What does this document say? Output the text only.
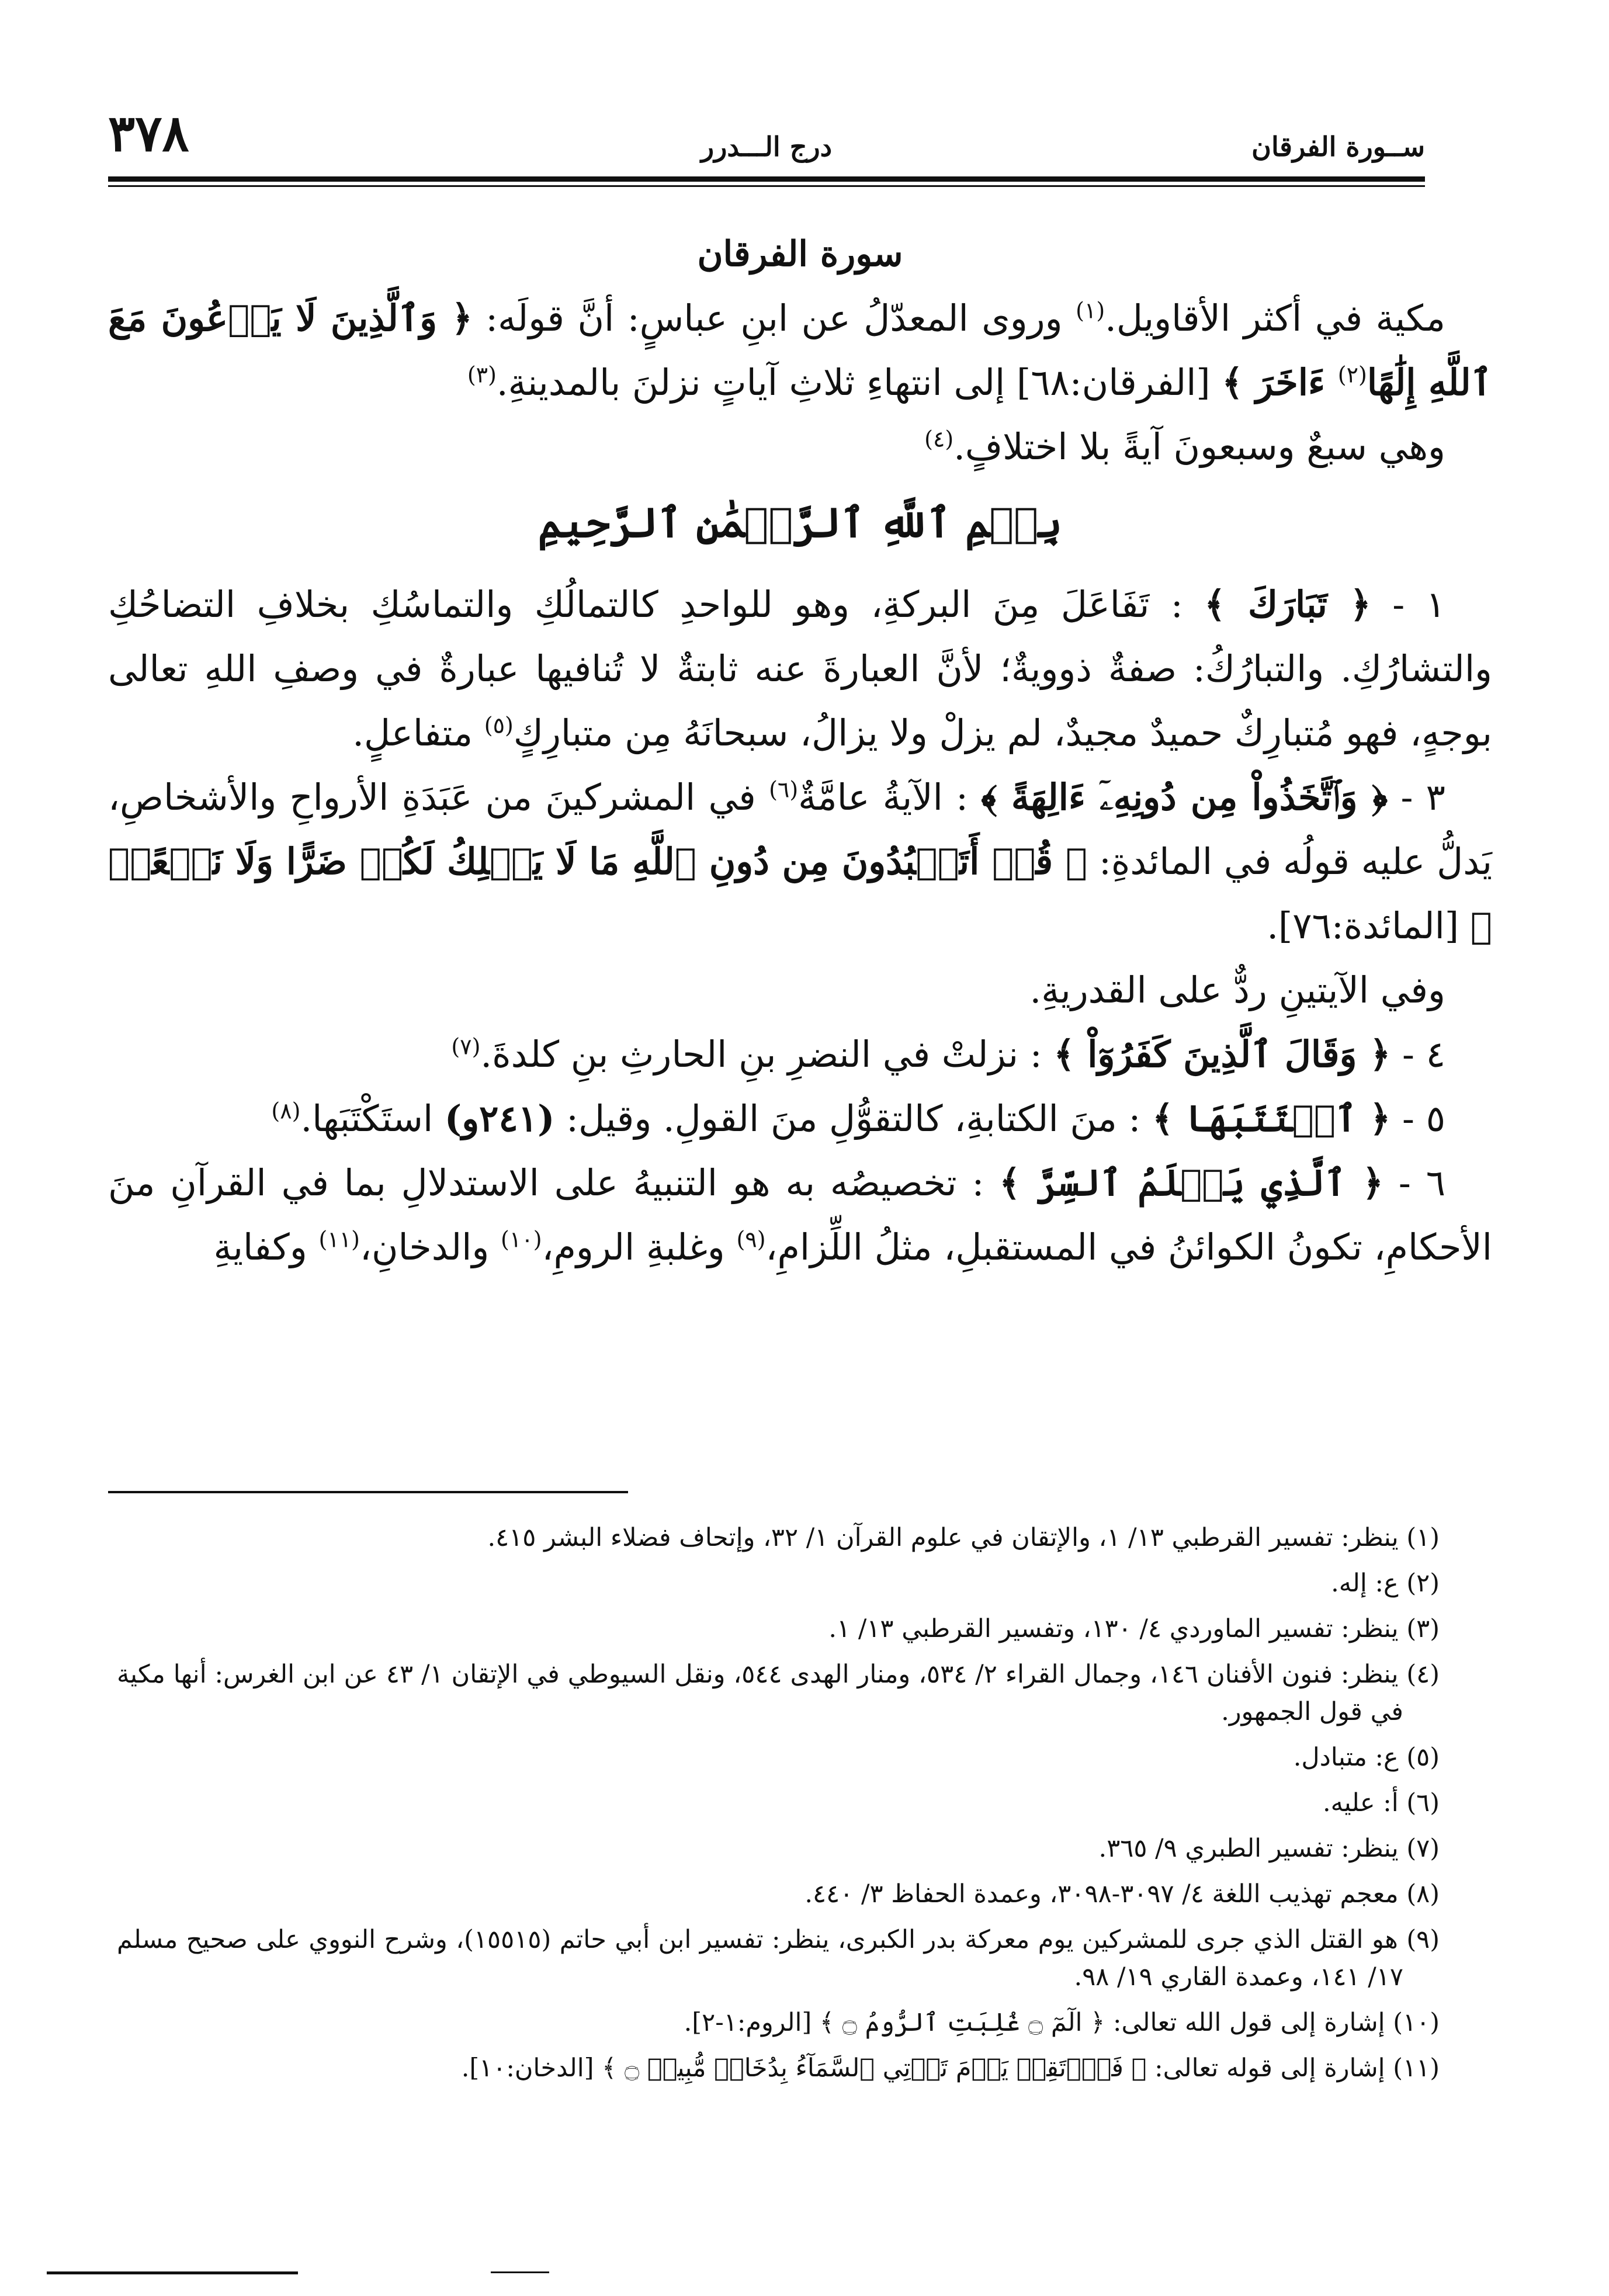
ســورة الفرقان
درج الـــدرر
٣٧٨
سورة الفرقان

مكية في أكثر الأقاويل.$^{(١)}$ وروى المعدّلُ عن ابنِ عباسٍ: أنَّ قولَه: ﴿ وَٱلَّذِينَ لَا يَدۡعُونَ مَعَ ٱللَّهِ إِلَٰهًا$^{(٢)}$ ءَاخَرَ ﴾ [الفرقان:٦٨] إلى انتهاءِ ثلاثِ آياتٍ نزلنَ بالمدينةِ.$^{(٣)}$

وهي سبعٌ وسبعونَ آيةً بلا اختلافٍ.$^{(٤)}$

بِسۡمِ ٱللَّهِ ٱلرَّحۡمَٰنِ ٱلرَّحِيمِ

١ - ﴿ تَبَارَكَ ﴾ : تَفَاعَلَ مِنَ البركةِ، وهو للواحدِ كالتمالُكِ والتماسُكِ بخلافِ التضاحُكِ والتشارُكِ. والتبارُكُ: صفةٌ ذوويةٌ؛ لأنَّ العبارةَ عنه ثابتةٌ لا تُنافيها عبارةٌ في وصفِ اللهِ تعالى بوجهٍ، فهو مُتبارِكٌ حميدٌ مجيدٌ، لم يزلْ ولا يزالُ، سبحانَهُ مِن متبارِكٍ$^{(٥)}$ متفاعلٍ.

٣ - ﴿ وَٱتَّخَذُواْ مِن دُونِهِۦٓ ءَالِهَةً ﴾ : الآيةُ عامَّةٌ$^{(٦)}$ في المشركينَ من عَبَدَةِ الأرواحِ والأشخاصِ، يَدلُّ عليه قولُه في المائدةِ: ﴿ قُلۡ أَتَعۡبُدُونَ مِن دُونِ ٱللَّهِ مَا لَا يَمۡلِكُ لَكُمۡ ضَرًّا وَلَا نَفۡعًاۚ ﴾ [المائدة:٧٦].

وفي الآيتينِ ردٌّ على القدريةِ.

٤ - ﴿ وَقَالَ ٱلَّذِينَ كَفَرُوٓاْ ﴾ : نزلتْ في النضرِ بنِ الحارثِ بنِ كلدةَ.$^{(٧)}$

٥ - ﴿ ٱكۡتَتَبَهَا ﴾ : منَ الكتابةِ، كالتقوُّلِ منَ القولِ. وقيل: (٢٤١و) استَكْتَبَها.$^{(٨)}$

٦ - ﴿ ٱلَّذِي يَعۡلَمُ ٱلسِّرَّ ﴾ : تخصيصُه به هو التنبيهُ على الاستدلالِ بما في القرآنِ منَ الأحكامِ، تكونُ الكوائنُ في المستقبلِ، مثلُ اللِّزامِ،$^{(٩)}$ وغلبةِ الرومِ،$^{(١٠)}$ والدخانِ،$^{(١١)}$ وكفايةِ

(١) ينظر: تفسير القرطبي ١٣/ ١، والإتقان في علوم القرآن ١/ ٣٢، وإتحاف فضلاء البشر ٤١٥.

(٢) ع: إله.

(٣) ينظر: تفسير الماوردي ٤/ ١٣٠، وتفسير القرطبي ١٣/ ١.

(٤) ينظر: فنون الأفنان ١٤٦، وجمال القراء ٢/ ٥٣٤، ومنار الهدى ٥٤٤، ونقل السيوطي في الإتقان ١/ ٤٣ عن ابن الغرس: أنها مكية في قول الجمهور.

(٥) ع: متبادل.

(٦) أ: عليه.

(٧) ينظر: تفسير الطبري ٩/ ٣٦٥.

(٨) معجم تهذيب اللغة ٤/ ٣٠٩٧-٣٠٩٨، وعمدة الحفاظ ٣/ ٤٤٠.

(٩) هو القتل الذي جرى للمشركين يوم معركة بدر الكبرى، ينظر: تفسير ابن أبي حاتم (١٥٥١٥)، وشرح النووي على صحيح مسلم ١٧/ ١٤١، وعمدة القاري ١٩/ ٩٨.

(١٠) إشارة إلى قول الله تعالى: ﴿ الٓمٓ ۝ غُلِبَتِ ٱلرُّومُ ۝ ﴾ [الروم:١-٢].

(١١) إشارة إلى قوله تعالى: ﴿ فَٱرۡتَقِبۡ يَوۡمَ تَأۡتِي ٱلسَّمَآءُ بِدُخَانٖ مُّبِينٖ ۝ ﴾ [الدخان:١٠].
